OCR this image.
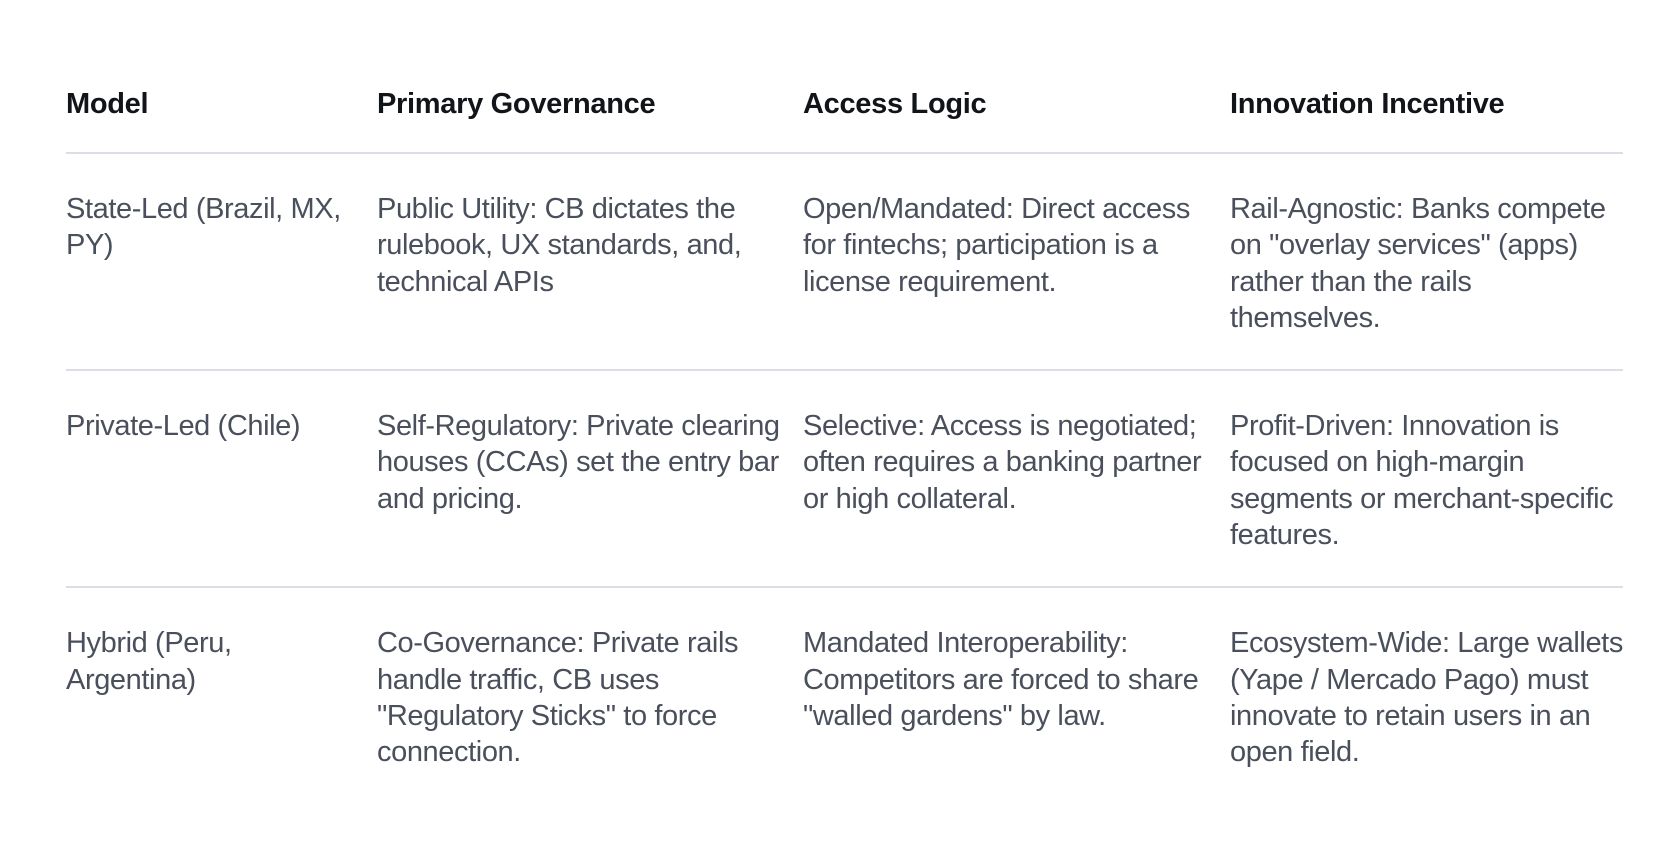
Model	Primary Governance	Access Logic	Innovation Incentive
State-Led (Brazil, MX, PY)	Public Utility: CB dictates the rulebook, UX standards, and, technical APIs	Open/Mandated: Direct access for fintechs; participation is a license requirement.	Rail-Agnostic: Banks compete on "overlay services" (apps) rather than the rails themselves.
Private-Led (Chile)	Self-Regulatory: Private clearing houses (CCAs) set the entry bar and pricing.	Selective: Access is negotiated; often requires a banking partner or high collateral.	Profit-Driven: Innovation is focused on high-margin segments or merchant-specific features.
Hybrid (Peru, Argentina)	Co-Governance: Private rails handle traffic, CB uses "Regulatory Sticks" to force connection.	Mandated Interoperability: Competitors are forced to share "walled gardens" by law.	Ecosystem-Wide: Large wallets (Yape / Mercado Pago) must innovate to retain users in an open field.
